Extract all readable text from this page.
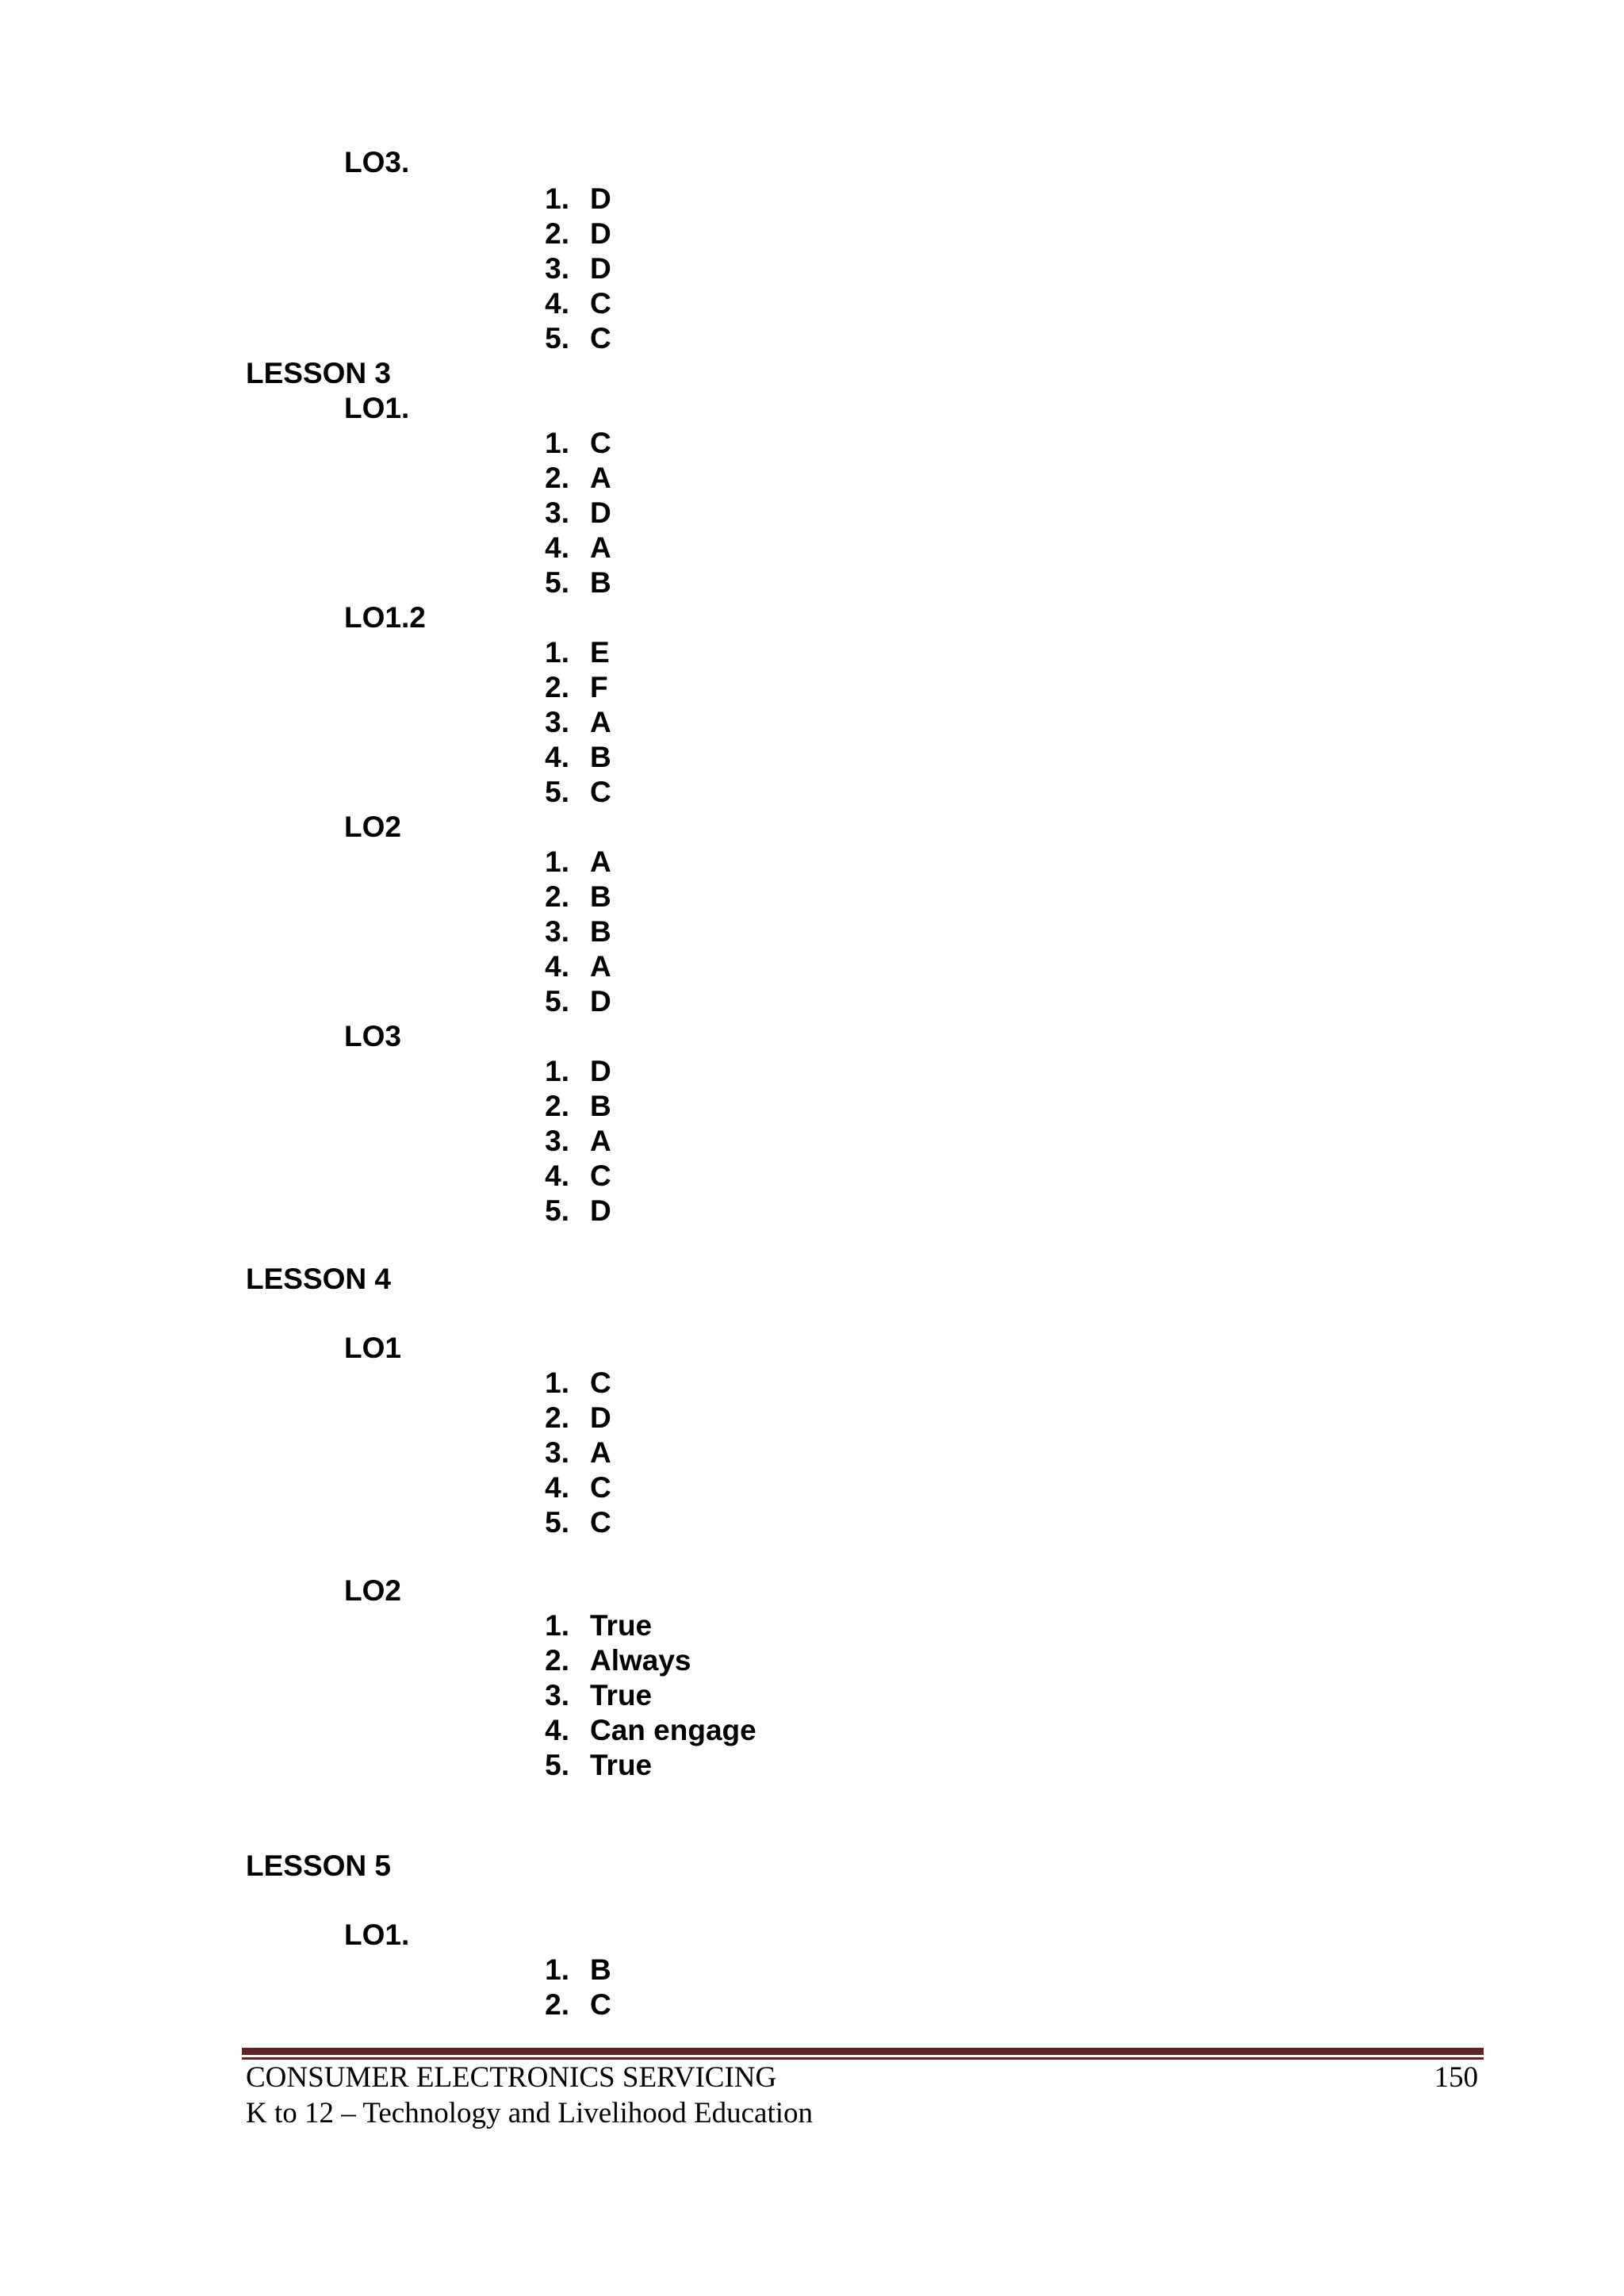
LO3.
1. D
2. D
3. D
4. C
5. C
LESSON 3
LO1.
1. C
2. A
3. D
4. A
5. B
LO1.2
1. E
2. F
3. A
4. B
5. C
LO2
1. A
2. B
3. B
4. A
5. D
LO3
1. D
2. B
3. A
4. C
5. D
LESSON 4
LO1
1. C
2. D
3. A
4. C
5. C
LO2
1. True
2. Always
3. True
4. Can engage
5. True
LESSON 5
LO1.
1. B
2. C
CONSUMER ELECTRONICS SERVICING
K to 12 – Technology and Livelihood Education
150
